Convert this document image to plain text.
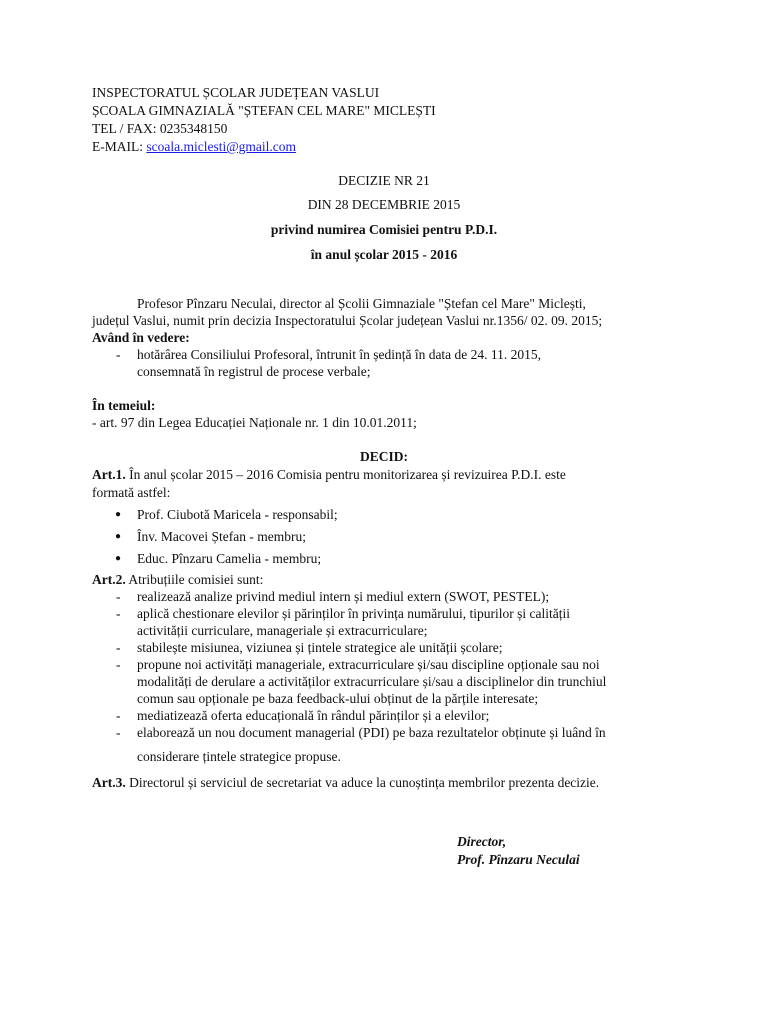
INSPECTORATUL ȘCOLAR JUDEȚEAN VASLUI
ȘCOALA GIMNAZIALĂ "ȘTEFAN CEL MARE" MICLEȘTI
TEL / FAX: 0235348150
E-MAIL: scoala.miclesti@gmail.com
DECIZIE NR 21
DIN 28 DECEMBRIE 2015
privind numirea Comisiei pentru P.D.I.
în anul școlar 2015 - 2016
Profesor Pînzaru Neculai, director al Școlii Gimnaziale "Ștefan cel Mare" Miclești,
județul Vaslui, numit prin decizia Inspectoratului Școlar județean Vaslui nr.1356/ 02. 09. 2015;
Având în vedere:
-	hotărârea Consiliului Profesoral, întrunit în ședință în data de 24. 11. 2015,
consemnată în registrul de procese verbale;
În temeiul:
- art. 97 din Legea Educației Naționale nr. 1 din 10.01.2011;
DECID:
Art.1. În anul școlar 2015 – 2016 Comisia pentru monitorizarea și revizuirea P.D.I. este
formată astfel:
● Prof. Ciubotă Maricela - responsabil;
● Înv. Macovei Ștefan - membru;
● Educ. Pînzaru Camelia - membru;
Art.2. Atribuțiile comisiei sunt:
-	realizează analize privind mediul intern și mediul extern (SWOT, PESTEL);
-	aplică chestionare elevilor și părinților în privința numărului, tipurilor și calității
activității curriculare, manageriale și extracurriculare;
-	stabilește misiunea, viziunea și țintele strategice ale unității școlare;
-	propune noi activități manageriale, extracurriculare și/sau discipline opționale sau noi
modalități de derulare a activităților extracurriculare și/sau a disciplinelor din trunchiul
comun sau opționale pe baza feedback-ului obținut de la părțile interesate;
-	mediatizează oferta educațională în rândul părinților și a elevilor;
-	elaborează un nou document managerial (PDI) pe baza rezultatelor obținute și luând în
considerare țintele strategice propuse.
Art.3. Directorul și serviciul de secretariat va aduce la cunoștința membrilor prezenta decizie.
Director,
Prof. Pînzaru Neculai
